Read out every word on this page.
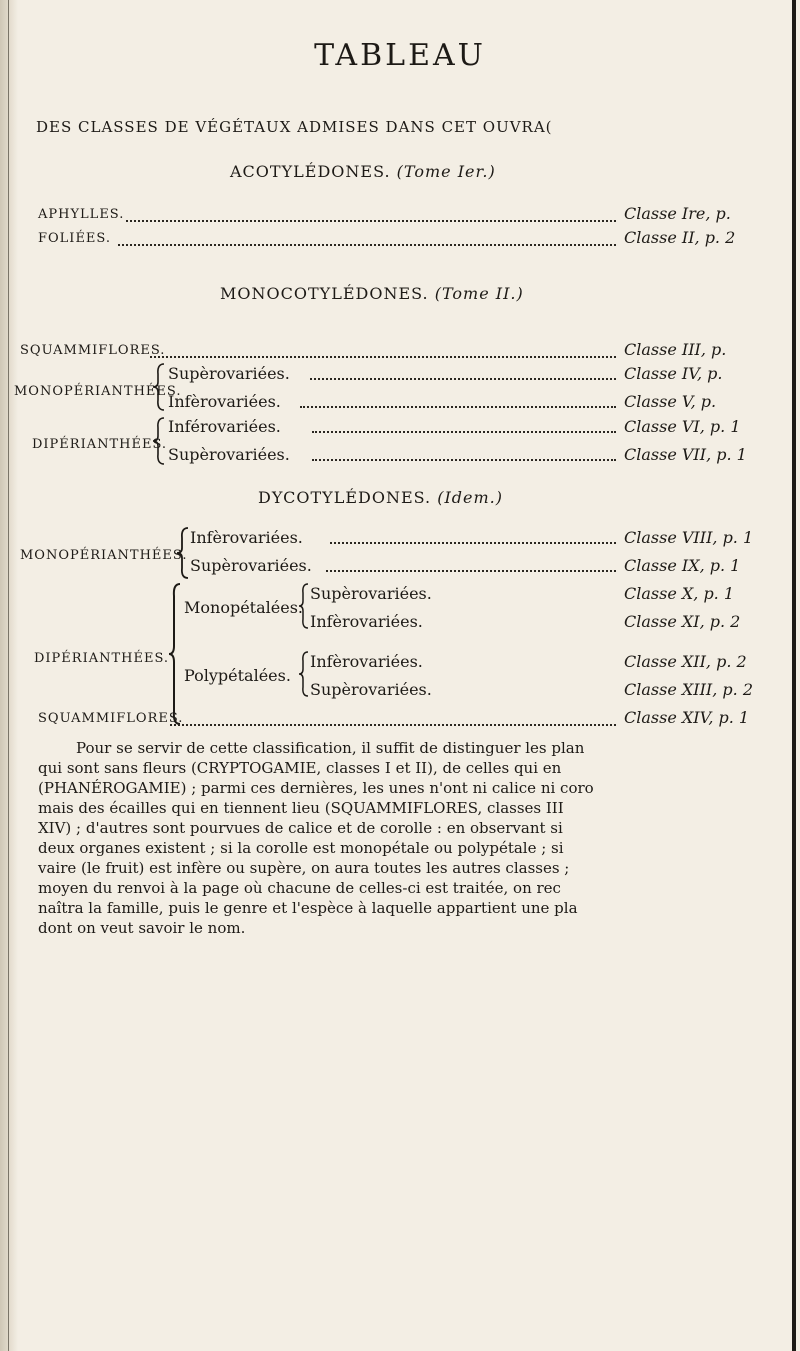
TABLEAU
DES CLASSES DE VÉGÉTAUX ADMISES DANS CET OUVRA(
ACOTYLÉDONES. (Tome Ier.)
APHYLLES.	Classe Ire, p.
FOLIÉES.	Classe II, p. 2
MONOCOTYLÉDONES. (Tome II.)
SQUAMMIFLORES.	Classe III, p.
MONOPÉRIANTHÉES.
Supèrovariées.	Classe IV, p.
Infèrovariées.	Classe V, p.
DIPÉRIANTHÉES.
Inférovariées.	Classe VI, p. 1
Supèrovariées.	Classe VII, p. 1
DYCOTYLÉDONES. (Idem.)
MONOPÉRIANTHÉES.
Infèrovariées.	Classe VIII, p. 1
Supèrovariées.	Classe IX, p. 1
DIPÉRIANTHÉES.
Monopétalées.
Supèrovariées.	Classe X, p. 1
Infèrovariées.	Classe XI, p. 2
Polypétalées.
Infèrovariées.	Classe XII, p. 2
Supèrovariées.	Classe XIII, p. 2
SQUAMMIFLORES.	Classe XIV, p. 1

Pour se servir de cette classification, il suffit de distinguer les plan

qui sont sans fleurs (CRYPTOGAMIE, classes I et II), de celles qui en

(PHANÉROGAMIE) ; parmi ces dernières, les unes n'ont ni calice ni coro

mais des écailles qui en tiennent lieu (SQUAMMIFLORES, classes III

XIV) ; d'autres sont pourvues de calice et de corolle : en observant si

deux organes existent ; si la corolle est monopétale ou polypétale ; si

vaire (le fruit) est infère ou supère, on aura toutes les autres classes ;

moyen du renvoi à la page où chacune de celles-ci est traitée, on rec

naîtra la famille, puis le genre et l'espèce à laquelle appartient une pla

dont on veut savoir le nom.
